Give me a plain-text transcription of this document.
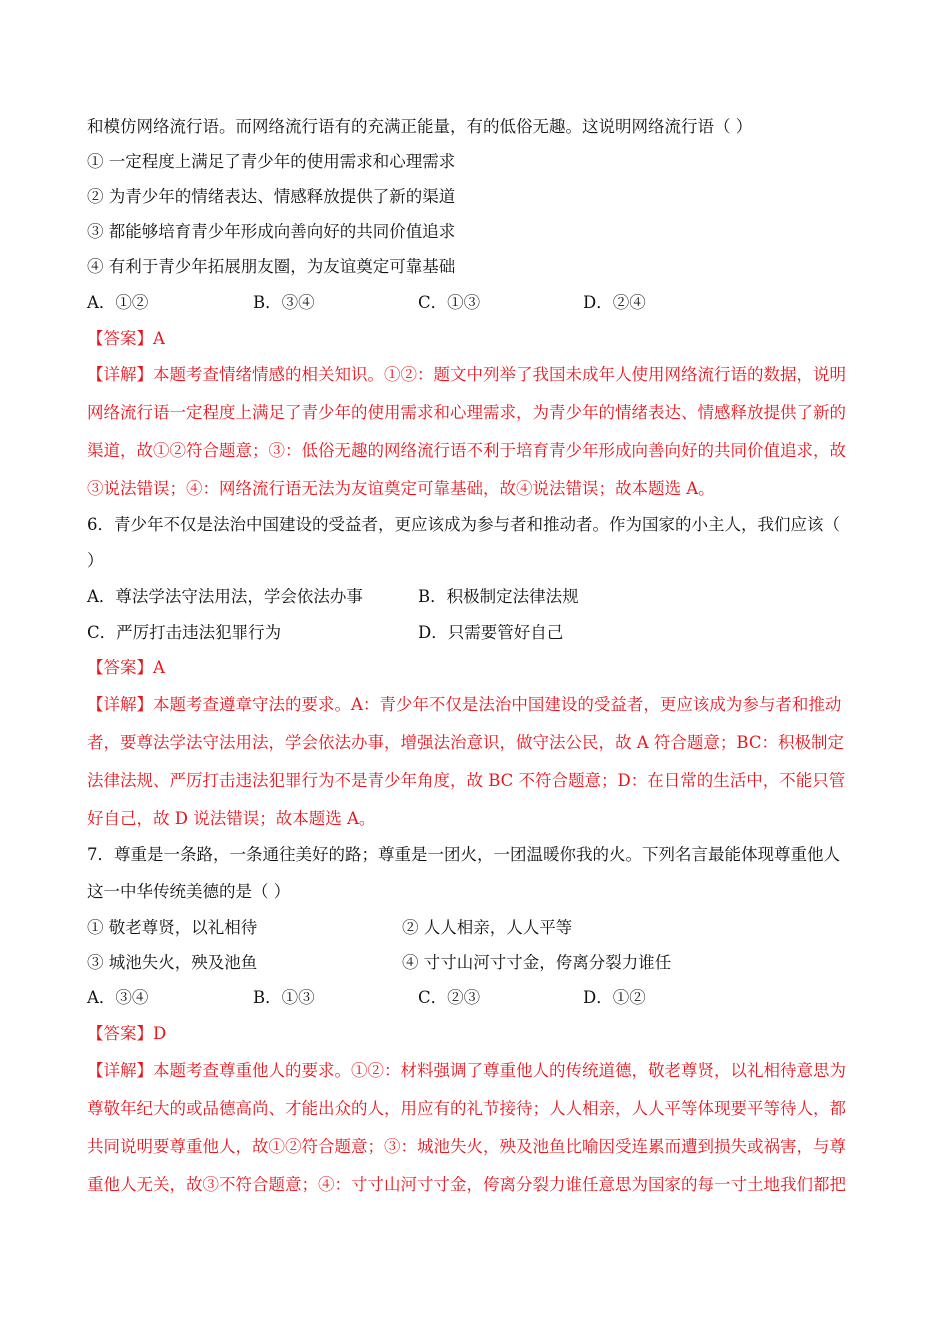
和模仿网络流行语。而网络流行语有的充满正能量，有的低俗无趣。这说明网络流行语（ ）
① 一定程度上满足了青少年的使用需求和心理需求
② 为青少年的情绪表达、情感释放提供了新的渠道
③ 都能够培育青少年形成向善向好的共同价值追求
④ 有利于青少年拓展朋友圈，为友谊奠定可靠基础
A．①②	B．③④	C．①③	D．②④
【答案】A
【详解】本题考查情绪情感的相关知识。①②：题文中列举了我国未成年人使用网络流行语的数据，说明
网络流行语一定程度上满足了青少年的使用需求和心理需求，为青少年的情绪表达、情感释放提供了新的
渠道，故①②符合题意；③：低俗无趣的网络流行语不利于培育青少年形成向善向好的共同价值追求，故
③说法错误；④：网络流行语无法为友谊奠定可靠基础，故④说法错误；故本题选 A。
6．青少年不仅是法治中国建设的受益者，更应该成为参与者和推动者。作为国家的小主人，我们应该（
）
A．尊法学法守法用法，学会依法办事	B．积极制定法律法规
C．严厉打击违法犯罪行为	D．只需要管好自己
【答案】A
【详解】本题考查遵章守法的要求。A：青少年不仅是法治中国建设的受益者，更应该成为参与者和推动
者，要尊法学法守法用法，学会依法办事，增强法治意识，做守法公民，故 A 符合题意；BC：积极制定
法律法规、严厉打击违法犯罪行为不是青少年角度，故 BC 不符合题意；D：在日常的生活中，不能只管
好自己，故 D 说法错误；故本题选 A。
7．尊重是一条路，一条通往美好的路；尊重是一团火，一团温暖你我的火。下列名言最能体现尊重他人
这一中华传统美德的是（ ）
① 敬老尊贤，以礼相待	② 人人相亲，人人平等
③ 城池失火，殃及池鱼	④ 寸寸山河寸寸金，侉离分裂力谁任
A．③④	B．①③	C．②③	D．①②
【答案】D
【详解】本题考查尊重他人的要求。①②：材料强调了尊重他人的传统道德，敬老尊贤，以礼相待意思为
尊敬年纪大的或品德高尚、才能出众的人，用应有的礼节接待；人人相亲，人人平等体现要平等待人，都
共同说明要尊重他人，故①②符合题意；③：城池失火，殃及池鱼比喻因受连累而遭到损失或祸害，与尊
重他人无关，故③不符合题意；④：寸寸山河寸寸金，侉离分裂力谁任意思为国家的每一寸土地我们都把
